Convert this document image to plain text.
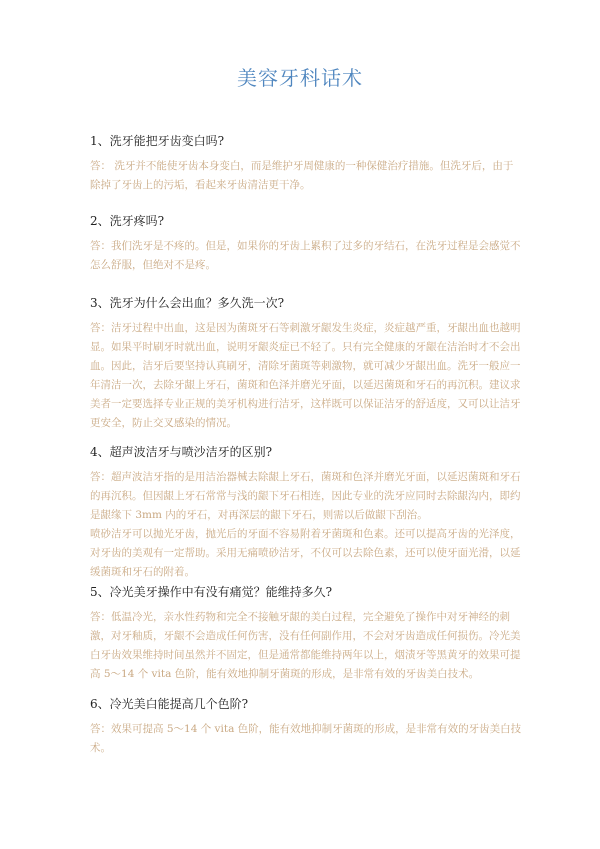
美容牙科话术

1、洗牙能把牙齿变白吗?

答： 洗牙并不能使牙齿本身变白，而是维护牙周健康的一种保健治疗措施。但洗牙后，由于除掉了牙齿上的污垢，看起来牙齿清洁更干净。

2、洗牙疼吗?

答：我们洗牙是不疼的。但是，如果你的牙齿上累积了过多的牙结石，在洗牙过程是会感觉不怎么舒服，但绝对不是疼。

3、洗牙为什么会出血？多久洗一次?

答：洁牙过程中出血，这是因为菌斑牙石等刺激牙龈发生炎症，炎症越严重，牙龈出血也越明显。如果平时刷牙时就出血，说明牙龈炎症已不轻了。只有完全健康的牙龈在洁治时才不会出血。因此，洁牙后要坚持认真刷牙，清除牙菌斑等刺激物，就可减少牙龈出血。洗牙一般应一年清洁一次，去除牙龈上牙石，菌斑和色泽并磨光牙面，以延迟菌斑和牙石的再沉积。建议求美者一定要选择专业正规的美牙机构进行洁牙，这样既可以保证洁牙的舒适度，又可以让洁牙更安全，防止交叉感染的情况。

4、超声波洁牙与喷沙洁牙的区别?

答：超声波洁牙指的是用洁治器械去除龈上牙石，菌斑和色泽并磨光牙面，以延迟菌斑和牙石的再沉积。但因龈上牙石常常与浅的龈下牙石相连，因此专业的洗牙应同时去除龈沟内，即约是龈缘下 3mm 内的牙石，对再深层的龈下牙石，则需以后做龈下刮治。

喷砂洁牙可以抛光牙齿，抛光后的牙面不容易附着牙菌斑和色素。还可以提高牙齿的光泽度，对牙齿的美观有一定帮助。采用无痛喷砂洁牙，不仅可以去除色素，还可以使牙面光滑，以延缓菌斑和牙石的附着。

5、冷光美牙操作中有没有痛觉？能维持多久?

答：低温冷光，亲水性药物和完全不接触牙龈的美白过程，完全避免了操作中对牙神经的刺激，对牙釉质，牙龈不会造成任何伤害，没有任何副作用，不会对牙齿造成任何损伤。冷光美白牙齿效果维持时间虽然并不固定，但是通常都能维持两年以上，烟渍牙等黑黄牙的效果可提高 5～14 个 vita 色阶，能有效地抑制牙菌斑的形成，是非常有效的牙齿美白技术。

6、冷光美白能提高几个色阶?

答：效果可提高 5～14 个 vita 色阶，能有效地抑制牙菌斑的形成，是非常有效的牙齿美白技术。
